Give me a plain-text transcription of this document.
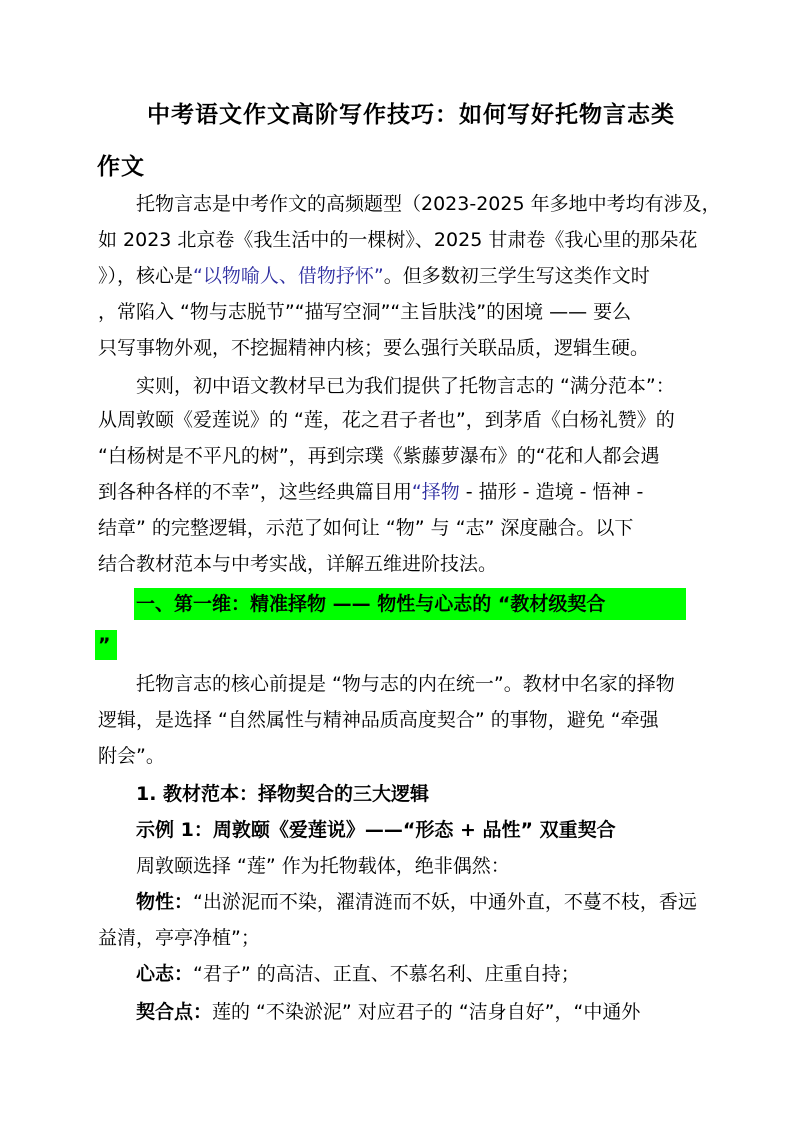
中考语文作文高阶写作技巧：如何写好托物言志类
作文
托物言志是中考作文的高频题型（2023-2025 年多地中考均有涉及，
如 2023 北京卷《我生活中的一棵树》、2025 甘肃卷《我心里的那朵花
》），核心是“以物喻人、借物抒怀”。但多数初三学生写这类作文时
，常陷入 “物与志脱节”“描写空洞”“主旨肤浅”的困境 —— 要么
只写事物外观，不挖掘精神内核；要么强行关联品质，逻辑生硬。
实则，初中语文教材早已为我们提供了托物言志的 “满分范本”：
从周敦颐《爱莲说》的 “莲，花之君子者也”，到茅盾《白杨礼赞》的
“白杨树是不平凡的树”，再到宗璞《紫藤萝瀑布》的“花和人都会遇
到各种各样的不幸”，这些经典篇目用“择物 - 描形 - 造境 - 悟神 -
结章” 的完整逻辑，示范了如何让 “物” 与 “志” 深度融合。以下
结合教材范本与中考实战，详解五维进阶技法。
一、第一维：精准择物 —— 物性与心志的 “教材级契合
”
托物言志的核心前提是 “物与志的内在统一”。教材中名家的择物
逻辑，是选择 “自然属性与精神品质高度契合” 的事物，避免 “牵强
附会”。
1. 教材范本：择物契合的三大逻辑
示例 1：周敦颐《爱莲说》——“形态 + 品性” 双重契合
周敦颐选择 “莲” 作为托物载体，绝非偶然：
物性：“出淤泥而不染，濯清涟而不妖，中通外直，不蔓不枝，香远
益清，亭亭净植”；
心志：“君子” 的高洁、正直、不慕名利、庄重自持；
契合点：莲的 “不染淤泥” 对应君子的 “洁身自好”，“中通外
